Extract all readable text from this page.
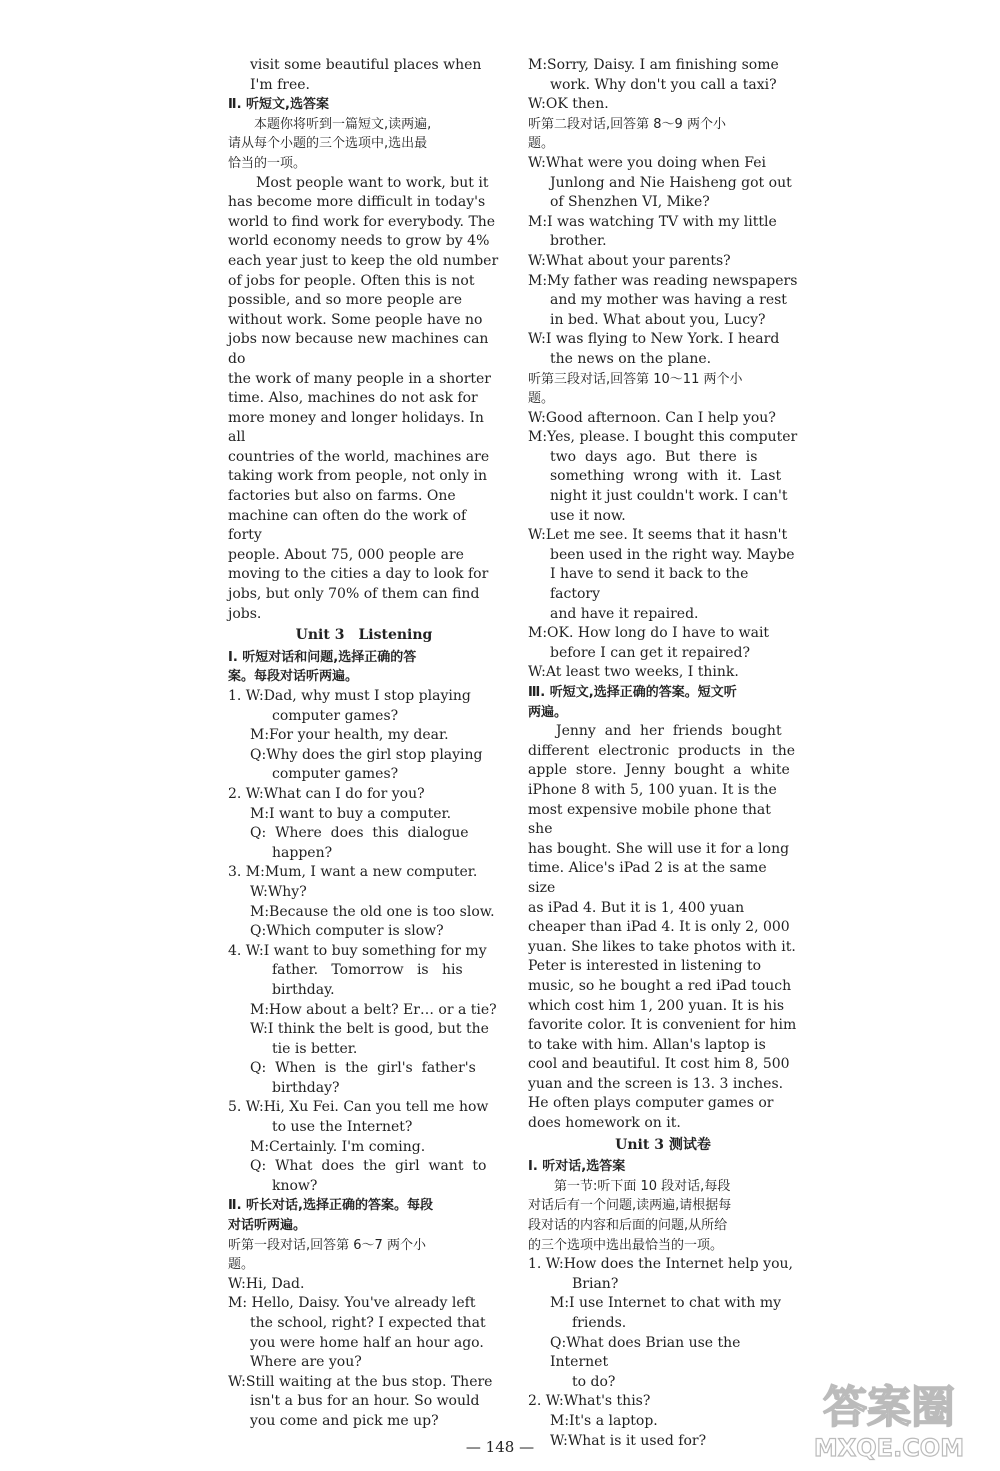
visit some beautiful places when
I'm free.
Ⅱ. 听短文,选答案
本题你将听到一篇短文,读两遍,
请从每个小题的三个选项中,选出最
恰当的一项。
Most people want to work, but it
has become more difficult in today's
world to find work for everybody. The
world economy needs to grow by 4%
each year just to keep the old number
of jobs for people. Often this is not
possible, and so more people are
without work. Some people have no
jobs now because new machines can do
the work of many people in a shorter
time. Also, machines do not ask for
more money and longer holidays. In all
countries of the world, machines are
taking work from people, not only in
factories but also on farms. One
machine can often do the work of forty
people. About 75, 000 people are
moving to the cities a day to look for
jobs, but only 70% of them can find
jobs.
Unit 3　Listening
Ⅰ. 听短对话和问题,选择正确的答
案。每段对话听两遍。
1. W:Dad, why must I stop playing
computer games?
M:For your health, my dear.
Q:Why does the girl stop playing
computer games?
2. W:What can I do for you?
M:I want to buy a computer.
Q:  Where  does  this  dialogue
happen?
3. M:Mum, I want a new computer.
W:Why?
M:Because the old one is too slow.
Q:Which computer is slow?
4. W:I want to buy something for my
father.   Tomorrow   is   his
birthday.
M:How about a belt? Er… or a tie?
W:I think the belt is good, but the
tie is better.
Q:  When  is  the  girl's  father's
birthday?
5. W:Hi, Xu Fei. Can you tell me how
to use the Internet?
M:Certainly. I'm coming.
Q:  What  does  the  girl  want  to
know?
Ⅱ. 听长对话,选择正确的答案。每段
对话听两遍。
听第一段对话,回答第 6～7 两个小
题。
W:Hi, Dad.
M: Hello, Daisy. You've already left
the school, right? I expected that
you were home half an hour ago.
Where are you?
W:Still waiting at the bus stop. There
isn't a bus for an hour. So would
you come and pick me up?
M:Sorry, Daisy. I am finishing some
work. Why don't you call a taxi?
W:OK then.
听第二段对话,回答第 8～9 两个小
题。
W:What were you doing when Fei
Junlong and Nie Haisheng got out
of Shenzhen VI, Mike?
M:I was watching TV with my little
brother.
W:What about your parents?
M:My father was reading newspapers
and my mother was having a rest
in bed. What about you, Lucy?
W:I was flying to New York. I heard
the news on the plane.
听第三段对话,回答第 10～11 两个小
题。
W:Good afternoon. Can I help you?
M:Yes, please. I bought this computer
two  days  ago.  But  there  is
something  wrong  with  it.  Last
night it just couldn't work. I can't
use it now.
W:Let me see. It seems that it hasn't
been used in the right way. Maybe
I have to send it back to the factory
and have it repaired.
M:OK. How long do I have to wait
before I can get it repaired?
W:At least two weeks, I think.
Ⅲ. 听短文,选择正确的答案。短文听
两遍。
Jenny  and  her  friends  bought
different  electronic  products  in  the
apple  store.  Jenny  bought  a  white
iPhone 8 with 5, 100 yuan. It is the
most expensive mobile phone that she
has bought. She will use it for a long
time. Alice's iPad 2 is at the same size
as iPad 4. But it is 1, 400 yuan
cheaper than iPad 4. It is only 2, 000
yuan. She likes to take photos with it.
Peter is interested in listening to
music, so he bought a red iPad touch
which cost him 1, 200 yuan. It is his
favorite color. It is convenient for him
to take with him. Allan's laptop is
cool and beautiful. It cost him 8, 500
yuan and the screen is 13. 3 inches.
He often plays computer games or
does homework on it.
Unit 3 测试卷
Ⅰ. 听对话,选答案
第一节:听下面 10 段对话,每段
对话后有一个问题,读两遍,请根据每
段对话的内容和后面的问题,从所给
的三个选项中选出最恰当的一项。
1. W:How does the Internet help you,
Brian?
M:I use Internet to chat with my
friends.
Q:What does Brian use the Internet
to do?
2. W:What's this?
M:It's a laptop.
W:What is it used for?
— 148 —
答案圈
MXQE.COM
